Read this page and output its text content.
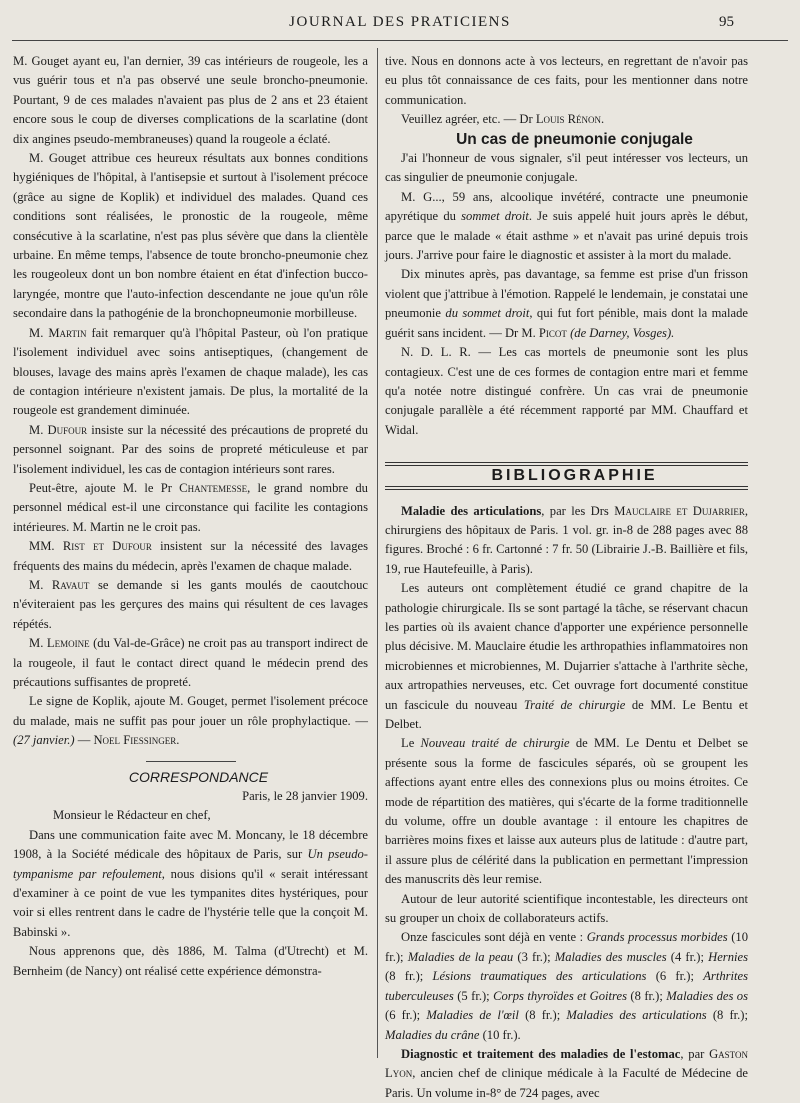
JOURNAL DES PRATICIENS	95

M. Gouget ayant eu, l'an dernier, 39 cas intérieurs de rougeole, les a vus guérir tous et n'a pas observé une seule broncho-pneumonie. Pourtant, 9 de ces malades n'avaient pas plus de 2 ans et 23 étaient encore sous le coup de diverses complications de la scarlatine (dont dix angines pseudo-membraneuses) quand la rougeole a éclaté.

M. Gouget attribue ces heureux résultats aux bonnes conditions hygiéniques de l'hôpital, à l'antisepsie et surtout à l'isolement précoce (grâce au signe de Koplik) et individuel des malades. Quand ces conditions sont réalisées, le pronostic de la rougeole, même consécutive à la scarlatine, n'est pas plus sévère que dans la clientèle urbaine. En même temps, l'absence de toute broncho-pneumonie chez les rougeoleux dont un bon nombre étaient en état d'infection bucco-laryngée, montre que l'auto-infection descendante ne joue qu'un rôle secondaire dans la pathogénie de la bronchopneumonie morbilleuse.

M. Martin fait remarquer qu'à l'hôpital Pasteur, où l'on pratique l'isolement individuel avec soins antiseptiques, (changement de blouses, lavage des mains après l'examen de chaque malade), les cas de contagion intérieure n'existent jamais. De plus, la mortalité de la rougeole est grandement diminuée.

M. Dufour insiste sur la nécessité des précautions de propreté du personnel soignant. Par des soins de propreté méticuleuse et par l'isolement individuel, les cas de contagion intérieurs sont rares.

Peut-être, ajoute M. le Pr Chantemesse, le grand nombre du personnel médical est-il une circonstance qui facilite les contagions intérieures. M. Martin ne le croit pas.

MM. Rist et Dufour insistent sur la nécessité des lavages fréquents des mains du médecin, après l'examen de chaque malade.

M. Ravaut se demande si les gants moulés de caoutchouc n'éviteraient pas les gerçures des mains qui résultent de ces lavages répétés.

M. Lemoine (du Val-de-Grâce) ne croit pas au transport indirect de la rougeole, il faut le contact direct quand le médecin prend des précautions suffisantes de propreté.

Le signe de Koplik, ajoute M. Gouget, permet l'isolement précoce du malade, mais ne suffit pas pour jouer un rôle prophylactique. — (27 janvier.) — Noel Fiessinger.

CORRESPONDANCE

Paris, le 28 janvier 1909.

Monsieur le Rédacteur en chef,

Dans une communication faite avec M. Moncany, le 18 décembre 1908, à la Société médicale des hôpitaux de Paris, sur Un pseudo-tympanisme par refoulement, nous disions qu'il « serait intéressant d'examiner à ce point de vue les tympanites dites hystériques, pour voir si elles rentrent dans le cadre de l'hystérie telle que la conçoit M. Babinski ».

Nous apprenons que, dès 1886, M. Talma (d'Utrecht) et M. Bernheim (de Nancy) ont réalisé cette expérience démonstra-

tive. Nous en donnons acte à vos lecteurs, en regrettant de n'avoir pas eu plus tôt connaissance de ces faits, pour les mentionner dans notre communication.

Veuillez agréer, etc. — Dr Louis Rénon.

Un cas de pneumonie conjugale

J'ai l'honneur de vous signaler, s'il peut intéresser vos lecteurs, un cas singulier de pneumonie conjugale.

M. G..., 59 ans, alcoolique invétéré, contracte une pneumonie apyrétique du sommet droit. Je suis appelé huit jours après le début, parce que le malade « était asthme » et n'avait pas uriné depuis trois jours. J'arrive pour faire le diagnostic et assister à la mort du malade.

Dix minutes après, pas davantage, sa femme est prise d'un frisson violent que j'attribue à l'émotion. Rappelé le lendemain, je constatai une pneumonie du sommet droit, qui fut fort pénible, mais dont la malade guérit sans incident. — Dr M. Picot (de Darney, Vosges).

N. D. L. R. — Les cas mortels de pneumonie sont les plus contagieux. C'est une de ces formes de contagion entre mari et femme qu'a notée notre distingué confrère. Un cas vrai de pneumonie conjugale parallèle a été récemment rapporté par MM. Chauffard et Widal.

BIBLIOGRAPHIE

Maladie des articulations, par les Drs Mauclaire et Dujarrier, chirurgiens des hôpitaux de Paris. 1 vol. gr. in-8 de 288 pages avec 88 figures. Broché : 6 fr. Cartonné : 7 fr. 50 (Librairie J.-B. Baillière et fils, 19, rue Hautefeuille, à Paris).

Les auteurs ont complètement étudié ce grand chapitre de la pathologie chirurgicale. Ils se sont partagé la tâche, se réservant chacun les parties où ils avaient chance d'apporter une expérience personnelle plus décisive. M. Mauclaire étudie les arthropathies inflammatoires non microbiennes et microbiennes, M. Dujarrier s'attache à l'arthrite sèche, aux artropathies nerveuses, etc. Cet ouvrage fort documenté constitue un fascicule du nouveau Traité de chirurgie de MM. Le Bentu et Delbet.

Le Nouveau traité de chirurgie de MM. Le Dentu et Delbet se présente sous la forme de fascicules séparés, où se groupent les affections ayant entre elles des connexions plus ou moins étroites. Ce mode de répartition des matières, qui s'écarte de la forme traditionnelle du volume, offre un double avantage : il entoure les chapitres de barrières moins fixes et laisse aux auteurs plus de latitude : d'autre part, il assure plus de célérité dans la publication en permettant l'impression des manuscrits dès leur remise.

Autour de leur autorité scientifique incontestable, les directeurs ont su grouper un choix de collaborateurs actifs.

Onze fascicules sont déjà en vente : Grands processus morbides (10 fr.); Maladies de la peau (3 fr.); Maladies des muscles (4 fr.); Hernies (8 fr.); Lésions traumatiques des articulations (6 fr.); Arthrites tuberculeuses (5 fr.); Corps thyroïdes et Goitres (8 fr.); Maladies des os (6 fr.); Maladies de l'œil (8 fr.); Maladies des articulations (8 fr.); Maladies du crâne (10 fr.).

Diagnostic et traitement des maladies de l'estomac, par Gaston Lyon, ancien chef de clinique médicale à la Faculté de Médecine de Paris. Un volume in-8° de 724 pages, avec
